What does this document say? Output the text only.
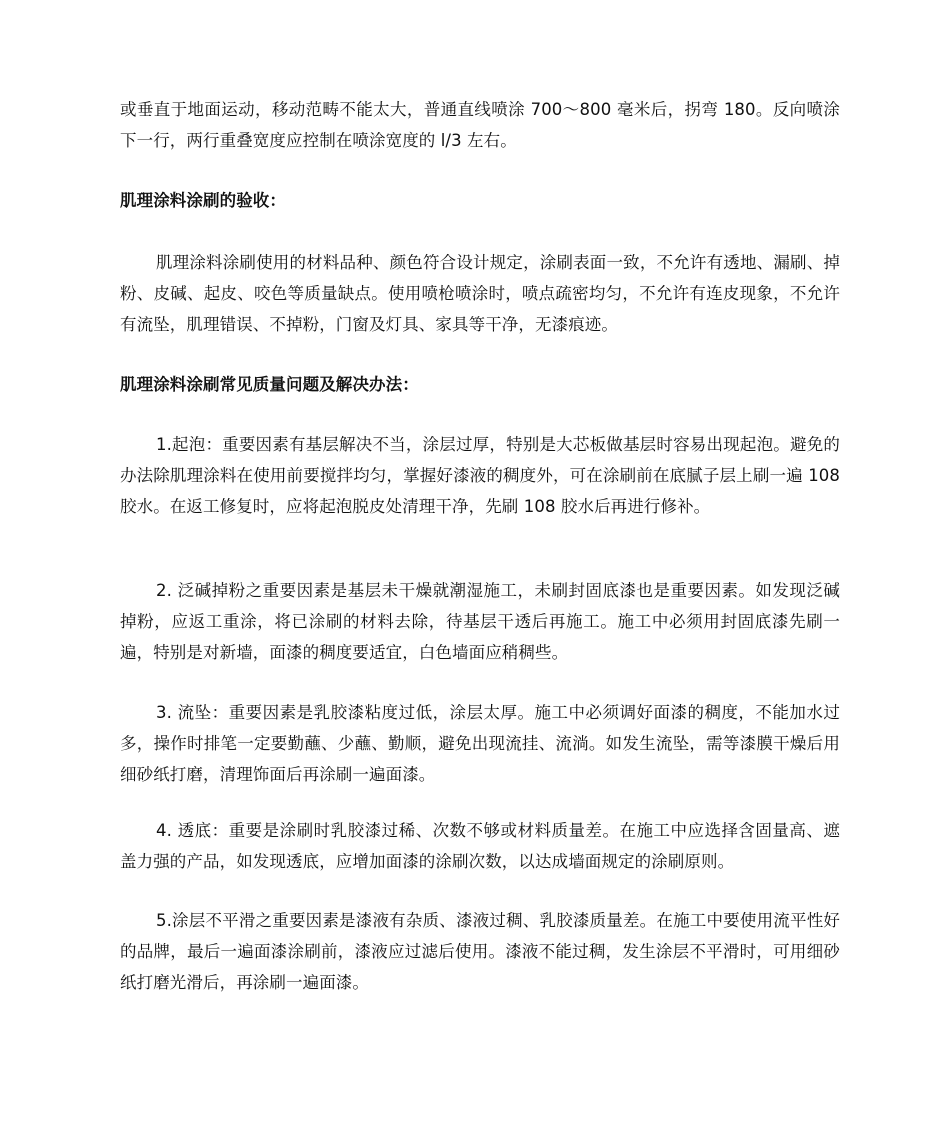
或垂直于地面运动，移动范畴不能太大，普通直线喷涂 700～800 毫米后，拐弯 180。反向喷涂下一行，两行重叠宽度应控制在喷涂宽度的 l/3 左右。

肌理涂料涂刷的验收：

肌理涂料涂刷使用的材料品种、颜色符合设计规定，涂刷表面一致，不允许有透地、漏刷、掉粉、皮碱、起皮、咬色等质量缺点。使用喷枪喷涂时，喷点疏密均匀，不允许有连皮现象，不允许有流坠，肌理错误、不掉粉，门窗及灯具、家具等干净，无漆痕迹。

肌理涂料涂刷常见质量问题及解决办法：

1.起泡：重要因素有基层解决不当，涂层过厚，特别是大芯板做基层时容易出现起泡。避免的办法除肌理涂料在使用前要搅拌均匀，掌握好漆液的稠度外，可在涂刷前在底腻子层上刷一遍 108 胶水。在返工修复时，应将起泡脱皮处清理干净，先刷 108 胶水后再进行修补。

2. 泛碱掉粉之重要因素是基层未干燥就潮湿施工，未刷封固底漆也是重要因素。如发现泛碱掉粉，应返工重涂，将已涂刷的材料去除，待基层干透后再施工。施工中必须用封固底漆先刷一遍，特别是对新墙，面漆的稠度要适宜，白色墙面应稍稠些。

3. 流坠：重要因素是乳胶漆粘度过低，涂层太厚。施工中必须调好面漆的稠度，不能加水过多，操作时排笔一定要勤蘸、少蘸、勤顺，避免出现流挂、流淌。如发生流坠，需等漆膜干燥后用细砂纸打磨，清理饰面后再涂刷一遍面漆。

4. 透底：重要是涂刷时乳胶漆过稀、次数不够或材料质量差。在施工中应选择含固量高、遮盖力强的产品，如发现透底，应增加面漆的涂刷次数，以达成墙面规定的涂刷原则。

5.涂层不平滑之重要因素是漆液有杂质、漆液过稠、乳胶漆质量差。在施工中要使用流平性好的品牌，最后一遍面漆涂刷前，漆液应过滤后使用。漆液不能过稠，发生涂层不平滑时，可用细砂纸打磨光滑后，再涂刷一遍面漆。
